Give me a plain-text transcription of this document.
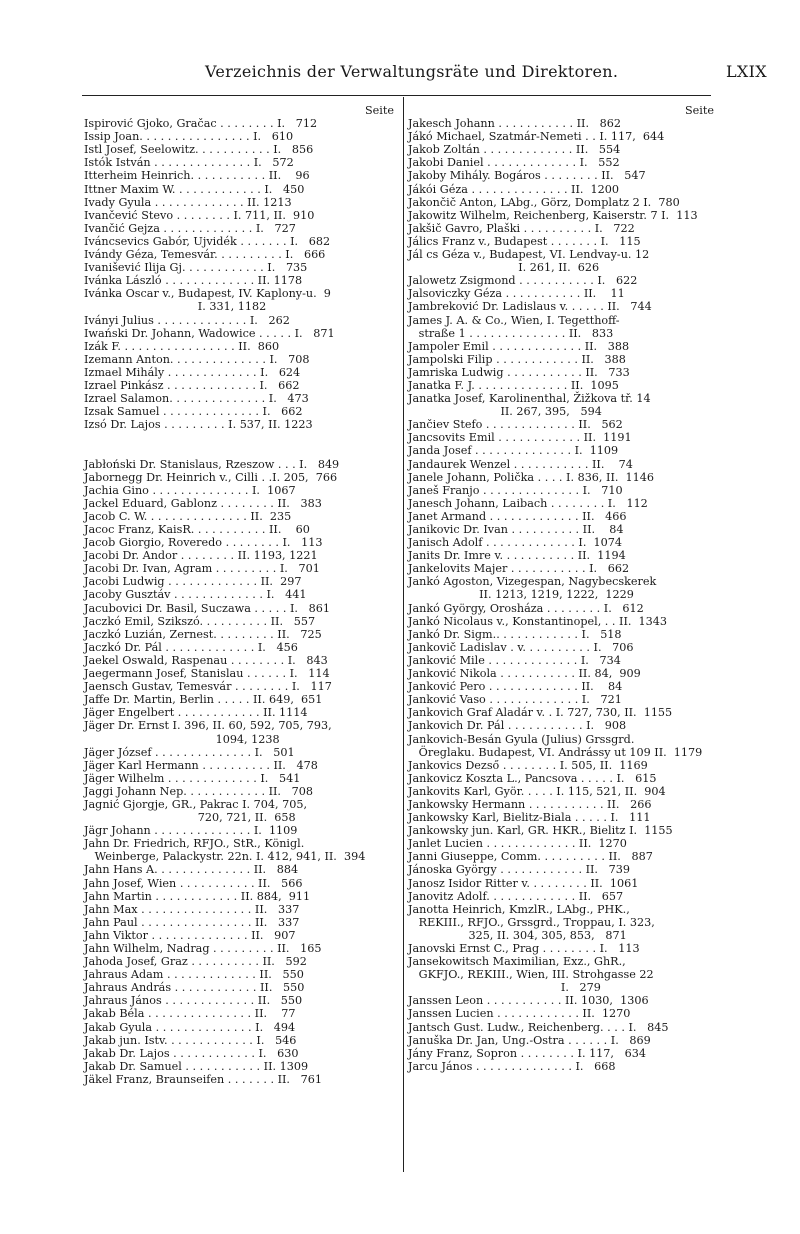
Verzeichnis der Verwaltungsräte und Direktoren.	LXIX
Seite
Ispirović Gjoko, Gračac . . . . . . . . I.   712
Issip Joan. . . . . . . . . . . . . . . . I.   610
Istl Josef, Seelowitz. . . . . . . . . . . I.   856
Istók István . . . . . . . . . . . . . . I.   572
Itterheim Heinrich. . . . . . . . . . . II.    96
Ittner Maxim W. . . . . . . . . . . . . I.   450
Ivady Gyula . . . . . . . . . . . . . II. 1213
Ivančević Stevo . . . . . . . . I. 711, II.  910
Ivančić Gejza . . . . . . . . . . . . . I.   727
Iváncsevics Gabór, Ujvidék . . . . . . . I.   682
Ivándy Géza, Temesvár. . . . . . . . . . I.   666
Ivanišević Ilija Gj. . . . . . . . . . . . I.   735
Ivánka László . . . . . . . . . . . . . II. 1178
Ivánka Oscar v., Budapest, IV. Kaplony-u.  9
I. 331, 1182
Iványi Julius . . . . . . . . . . . . . I.   262
Iwański Dr. Johann, Wadowice . . . . . I.   871
Izák F. . . . . . . . . . . . . . . . . II.  860
Izemann Anton. . . . . . . . . . . . . . I.   708
Izmael Mihály . . . . . . . . . . . . . I.   624
Izrael Pinkász . . . . . . . . . . . . . I.   662
Izrael Salamon. . . . . . . . . . . . . . I.   473
Izsak Samuel . . . . . . . . . . . . . . I.   662
Izsó Dr. Lajos . . . . . . . . . I. 537, II. 1223
Jabłoński Dr. Stanislaus, Rzeszow . . . I.   849
Jabornegg Dr. Heinrich v., Cilli . .I. 205,  766
Jachia Gino . . . . . . . . . . . . . . I.  1067
Jackel Eduard, Gablonz . . . . . . . . II.   383
Jacob C. W. . . . . . . . . . . . . . . II.  235
Jacoc Franz, KaisR. . . . . . . . . . . II.    60
Jacob Giorgio, Roveredo . . . . . . . . I.   113
Jacobi Dr. Andor . . . . . . . . II. 1193, 1221
Jacobi Dr. Ivan, Agram . . . . . . . . . I.   701
Jacobi Ludwig . . . . . . . . . . . . . II.  297
Jacoby Gusztáv . . . . . . . . . . . . . I.   441
Jacubovici Dr. Basil, Suczawa . . . . . I.   861
Jaczkó Emil, Szikszó. . . . . . . . . . II.   557
Jaczkó Luzián, Zernest. . . . . . . . . II.   725
Jaczkó Dr. Pál . . . . . . . . . . . . . I.   456
Jaekel Oswald, Raspenau . . . . . . . . I.   843
Jaegermann Josef, Stanislau . . . . . . I.   114
Jaensch Gustav, Temesvár . . . . . . . . I.   117
Jaffe Dr. Martin, Berlin . . . . . II. 649,  651
Jäger Engelbert . . . . . . . . . . . . II. 1114
Jäger Dr. Ernst I. 396, II. 60, 592, 705, 793,
1094, 1238
Jäger József . . . . . . . . . . . . . . I.   501
Jäger Karl Hermann . . . . . . . . . . II.   478
Jäger Wilhelm . . . . . . . . . . . . . I.   541
Jaggi Johann Nep. . . . . . . . . . . . II.   708
Jagnić Gjorgje, GR., Pakrac I. 704, 705,
720, 721, II.  658
Jägr Johann . . . . . . . . . . . . . . I.  1109
Jahn Dr. Friedrich, RFJO., StR., Königl.
Weinberge, Palackystr. 22n. I. 412, 941, II.  394
Jahn Hans A. . . . . . . . . . . . . . II.   884
Jahn Josef, Wien . . . . . . . . . . . II.   566
Jahn Martin . . . . . . . . . . . . II. 884,  911
Jahn Max . . . . . . . . . . . . . . . . II.   337
Jahn Paul . . . . . . . . . . . . . . . . II.   337
Jahn Viktor . . . . . . . . . . . . . . II.   907
Jahn Wilhelm, Nadrag . . . . . . . . . II.   165
Jahoda Josef, Graz . . . . . . . . . . II.   592
Jahraus Adam . . . . . . . . . . . . . II.   550
Jahraus András . . . . . . . . . . . . II.   550
Jahraus János . . . . . . . . . . . . . II.   550
Jakab Béla . . . . . . . . . . . . . . . II.    77
Jakab Gyula . . . . . . . . . . . . . . I.   494
Jakab jun. Istv. . . . . . . . . . . . . I.   546
Jakab Dr. Lajos . . . . . . . . . . . . I.   630
Jakab Dr. Samuel . . . . . . . . . . . II. 1309
Jäkel Franz, Braunseifen . . . . . . . II.   761
Seite
Jakesch Johann . . . . . . . . . . . II.   862
Jákó Michael, Szatmár-Nemeti . . I. 117,  644
Jakob Zoltán . . . . . . . . . . . . . II.   554
Jakobi Daniel . . . . . . . . . . . . . I.   552
Jakoby Mihály. Bogáros . . . . . . . . II.   547
Jákói Géza . . . . . . . . . . . . . . II.  1200
Jakončič Anton, LAbg., Görz, Domplatz 2 I.  780
Jakowitz Wilhelm, Reichenberg, Kaiserstr. 7 I.  113
Jakšič Gavro, Plaški . . . . . . . . . . I.   722
Jálics Franz v., Budapest . . . . . . . I.   115
Jál cs Géza v., Budapest, VI. Lendvay-u. 12
I. 261, II.  626
Jalowetz Zsigmond . . . . . . . . . . . I.   622
Jalsoviczky Géza . . . . . . . . . . . II.    11
Jambreković Dr. Ladislaus v. . . . . . II.   744
James J. A. & Co., Wien, I. Tegetthoff-
straße 1 . . . . . . . . . . . . . . II.   833
Jampoler Emil . . . . . . . . . . . . . II.   388
Jampolski Filip . . . . . . . . . . . . II.   388
Jamriska Ludwig . . . . . . . . . . . II.   733
Janatka F. J. . . . . . . . . . . . . . II.  1095
Janatka Josef, Karolinenthal, Žižkova tř. 14
II. 267, 395,   594
Jančiev Stefo . . . . . . . . . . . . . II.   562
Jancsovits Emil . . . . . . . . . . . . II.  1191
Janda Josef . . . . . . . . . . . . . . I.  1109
Jandaurek Wenzel . . . . . . . . . . . II.    74
Janele Johann, Polička . . . . I. 836, II.  1146
Janeš Franjo . . . . . . . . . . . . . . I.   710
Janesch Johann, Laibach . . . . . . . . I.   112
Janet Armand . . . . . . . . . . . . . II.   466
Janikovic Dr. Ivan . . . . . . . . . . II.    84
Janisch Adolf . . . . . . . . . . . . . I.  1074
Janits Dr. Imre v. . . . . . . . . . . II.  1194
Jankelovits Majer . . . . . . . . . . . I.   662
Jankó Agoston, Vizegespan, Nagybecskerek
II. 1213, 1219, 1222,  1229
Jankó György, Orosháza . . . . . . . . I.   612
Jankó Nicolaus v., Konstantinopel, . . II.  1343
Jankó Dr. Sigm.. . . . . . . . . . . . I.   518
Jankovič Ladislav . v. . . . . . . . . . I.   706
Janković Mile . . . . . . . . . . . . . I.   734
Janković Nikola . . . . . . . . . . . II. 84,  909
Janković Pero . . . . . . . . . . . . . II.    84
Janković Vaso . . . . . . . . . . . . . I.   721
Jankovich Graf Aladár v. . I. 727, 730, II.  1155
Jankovich Dr. Pál . . . . . . . . . . . I.   908
Jankovich-Besán Gyula (Julius) Grssgrd.
Öreglaku. Budapest, VI. Andrássy ut 109 II.  1179
Jankovics Dezső . . . . . . . . I. 505, II.  1169
Jankovicz Koszta L., Pancsova . . . . . I.   615
Jankovits Karl, Györ. . . . . I. 115, 521, II.  904
Jankowsky Hermann . . . . . . . . . . . II.   266
Jankowsky Karl, Bielitz-Biala . . . . . I.   111
Jankowsky jun. Karl, GR. HKR., Bielitz I.  1155
Janlet Lucien . . . . . . . . . . . . . II.  1270
Janni Giuseppe, Comm. . . . . . . . . . II.   887
Jánoska György . . . . . . . . . . . . II.   739
Janosz Isidor Ritter v. . . . . . . . . II.  1061
Janovitz Adolf. . . . . . . . . . . . . II.   657
Janotta Heinrich, KmzlR., LAbg., PHK.,
REKIII., RFJO., Grssgrd., Troppau, I. 323,
325, II. 304, 305, 853,   871
Janovski Ernst C., Prag . . . . . . . . I.   113
Jansekowitsch Maximilian, Exz., GhR.,
GKFJO., REKIII., Wien, III. Strohgasse 22
I.   279
Janssen Leon . . . . . . . . . . . II. 1030,  1306
Janssen Lucien . . . . . . . . . . . . II.  1270
Jantsch Gust. Ludw., Reichenberg. . . . I.   845
Januška Dr. Jan, Ung.-Ostra . . . . . . I.   869
Jány Franz, Sopron . . . . . . . . I. 117,   634
Jarcu János . . . . . . . . . . . . . . I.   668
